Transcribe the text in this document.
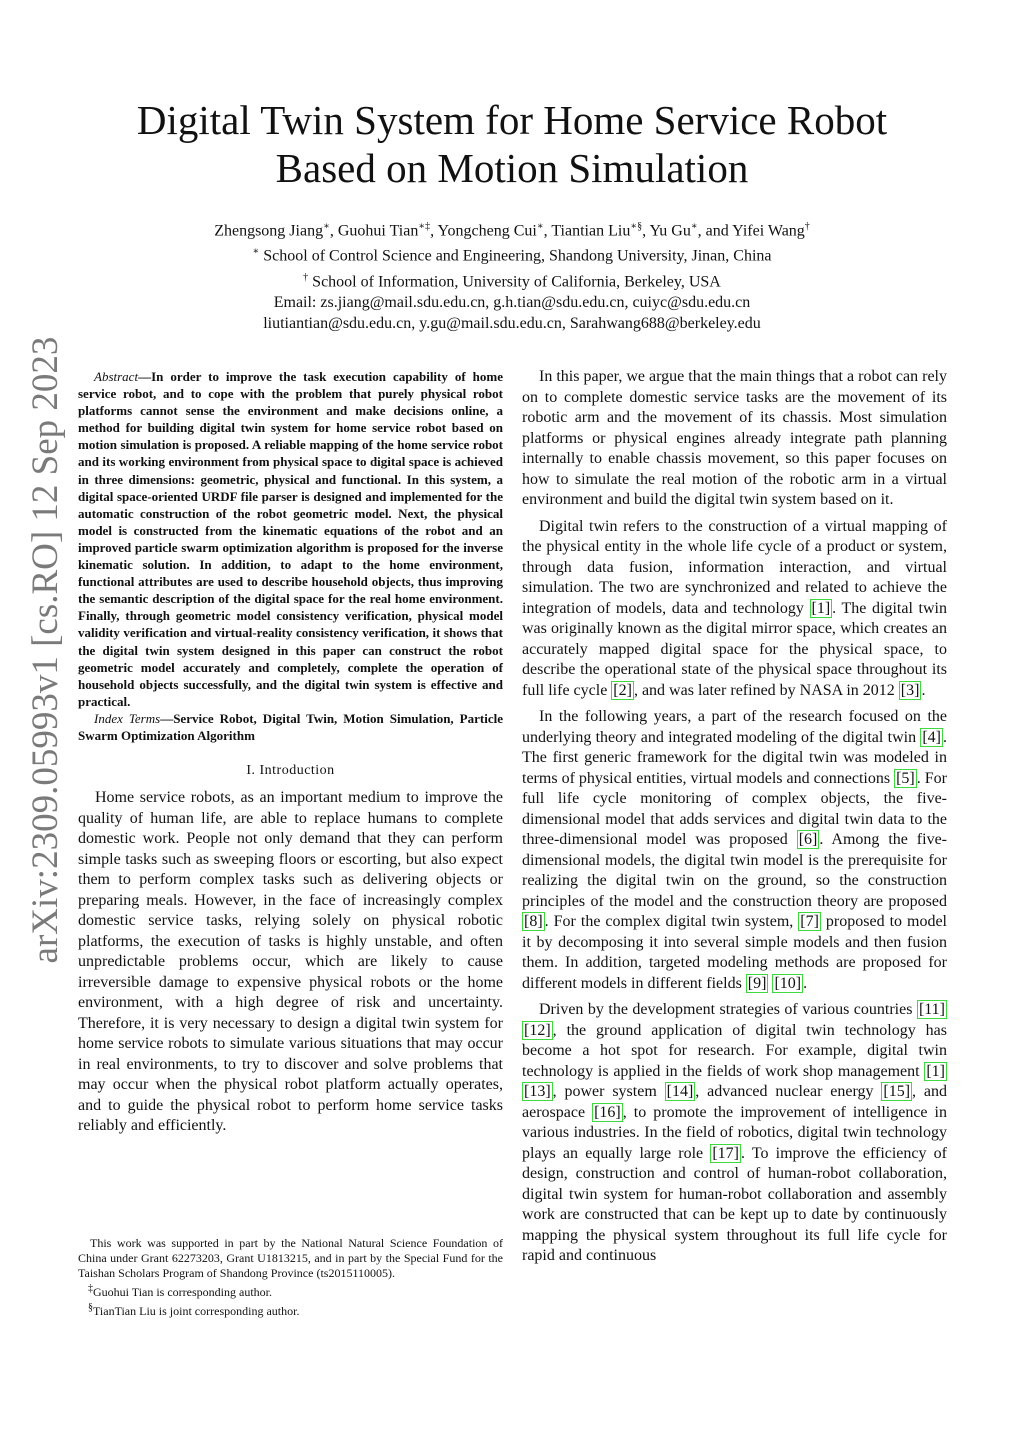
Digital Twin System for Home Service Robot
Based on Motion Simulation
Zhengsong Jiang∗, Guohui Tian∗‡, Yongcheng Cui∗, Tiantian Liu∗§, Yu Gu∗, and Yifei Wang†
∗ School of Control Science and Engineering, Shandong University, Jinan, China
† School of Information, University of California, Berkeley, USA
Email: zs.jiang@mail.sdu.edu.cn, g.h.tian@sdu.edu.cn, cuiyc@sdu.edu.cn
liutiantian@sdu.edu.cn, y.gu@mail.sdu.edu.cn, Sarahwang688@berkeley.edu
arXiv:2309.05993v1 [cs.RO] 12 Sep 2023	Abstract—In order to improve the task execution capability of home service robot, and to cope with the problem that purely physical robot platforms cannot sense the environment and make decisions online, a method for building digital twin system for home service robot based on motion simulation is proposed. A reliable mapping of the home service robot and its working environment from physical space to digital space is achieved in three dimensions: geometric, physical and functional. In this system, a digital space-oriented URDF file parser is designed and implemented for the automatic construction of the robot geometric model. Next, the physical model is constructed from the kinematic equations of the robot and an improved particle swarm optimization algorithm is proposed for the inverse kinematic solution. In addition, to adapt to the home environment, functional attributes are used to describe household objects, thus improving the semantic description of the digital space for the real home environment. Finally, through geometric model consistency verification, physical model validity verification and virtual-reality consistency verification, it shows that the digital twin system designed in this paper can construct the robot geometric model accurately and completely, complete the operation of household objects successfully, and the digital twin system is effective and practical.

Index Terms—Service Robot, Digital Twin, Motion Simulation, Particle Swarm Optimization Algorithm

I. Introduction

Home service robots, as an important medium to improve the quality of human life, are able to replace humans to complete domestic work. People not only demand that they can perform simple tasks such as sweeping floors or escorting, but also expect them to perform complex tasks such as delivering objects or preparing meals. However, in the face of increasingly complex domestic service tasks, relying solely on physical robotic platforms, the execution of tasks is highly unstable, and often unpredictable problems occur, which are likely to cause irreversible damage to expensive physical robots or the home environment, with a high degree of risk and uncertainty. Therefore, it is very necessary to design a digital twin system for home service robots to simulate various situations that may occur in real environments, to try to discover and solve problems that may occur when the physical robot platform actually operates, and to guide the physical robot to perform home service tasks reliably and efficiently.

This work was supported in part by the National Natural Science Foundation of China under Grant 62273203, Grant U1813215, and in part by the Special Fund for the Taishan Scholars Program of Shandong Province (ts2015110005).

‡Guohui Tian is corresponding author.

§TianTian Liu is joint corresponding author.

In this paper, we argue that the main things that a robot can rely on to complete domestic service tasks are the movement of its robotic arm and the movement of its chassis. Most simulation platforms or physical engines already integrate path planning internally to enable chassis movement, so this paper focuses on how to simulate the real motion of the robotic arm in a virtual environment and build the digital twin system based on it.

Digital twin refers to the construction of a virtual mapping of the physical entity in the whole life cycle of a product or system, through data fusion, information interaction, and virtual simulation. The two are synchronized and related to achieve the integration of models, data and technology [1] . The digital twin was originally known as the digital mirror space, which creates an accurately mapped digital space for the physical space, to describe the operational state of the physical space throughout its full life cycle [2] , and was later refined by NASA in 2012 [3] .

In the following years, a part of the research focused on the underlying theory and integrated modeling of the digital twin [4] . The first generic framework for the digital twin was modeled in terms of physical entities, virtual models and connections [5] . For full life cycle monitoring of complex objects, the five-dimensional model that adds services and digital twin data to the three-dimensional model was proposed [6] . Among the five-dimensional models, the digital twin model is the prerequisite for realizing the digital twin on the ground, so the construction principles of the model and the construction theory are proposed [8] . For the complex digital twin system, [7] proposed to model it by decomposing it into several simple models and then fusion them. In addition, targeted modeling methods are proposed for different models in different fields [9] [10] .

Driven by the development strategies of various countries [11] [12] , the ground application of digital twin technology has become a hot spot for research. For example, digital twin technology is applied in the fields of work shop management [1] [13] , power system [14] , advanced nuclear energy [15] , and aerospace [16] , to promote the improvement of intelligence in various industries. In the field of robotics, digital twin technology plays an equally large role [17] . To improve the efficiency of design, construction and control of human-robot collaboration, digital twin system for human-robot collaboration and assembly work are constructed that can be kept up to date by continuously mapping the physical system throughout its full life cycle for rapid and continuous
